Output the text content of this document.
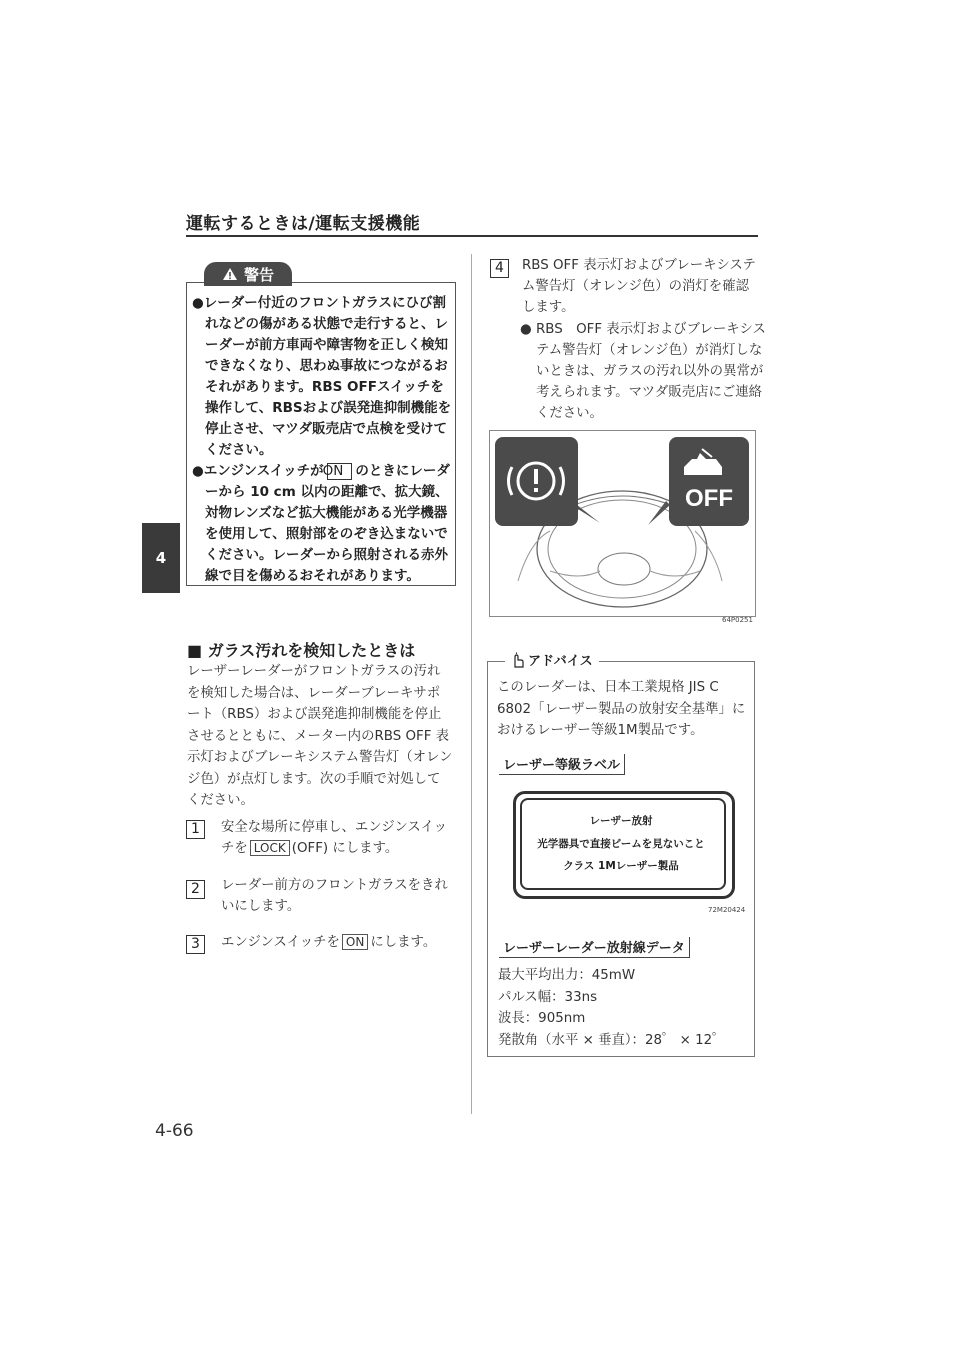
運転するときは/運転支援機能
4
警告

●レーダー付近のフロントガラスにひび割れなどの傷がある状態で走行すると、レーダーが前方車両や障害物を正しく検知できなくなり、思わぬ事故につながるおそれがあります。RBS OFFスイッチを操作して、RBSおよび誤発進抑制機能を停止させ、マツダ販売店で点検を受けてください。

●エンジンスイッチがON のときにレーダーから 10 cm 以内の距離で、拡大鏡、対物レンズなど拡大機能がある光学機器を使用して、照射部をのぞき込まないでください。レーダーから照射される赤外線で目を傷めるおそれがあります。

■ ガラス汚れを検知したときは
レーザーレーダーがフロントガラスの汚れを検知した場合は、レーダーブレーキサポート（RBS）および誤発進抑制機能を停止させるとともに、メーター内のRBS OFF 表示灯およびブレーキシステム警告灯（オレンジ色）が点灯します。次の手順で対処してください。
1	安全な場所に停車し、エンジンスイッチを LOCK (OFF) にします。
2	レーダー前方のフロントガラスをきれいにします。
3	エンジンスイッチを ON にします。
4	RBS OFF 表示灯およびブレーキシステム警告灯（オレンジ色）の消灯を確認します。
● RBS　OFF 表示灯およびブレーキシステム警告灯（オレンジ色）が消灯しないときは、ガラスの汚れ以外の異常が考えられます。マツダ販売店にご連絡ください。
OFF
64P0251
アドバイス
このレーダーは、日本工業規格 JIS C 6802「レーザー製品の放射安全基準」におけるレーザー等級1M製品です。
レーザー等級ラベル
レーザー放射
光学器具で直接ビームを見ないこと
クラス 1Mレーザー製品
72M20424
レーザーレーダー放射線データ
最大平均出力：45mW
パルス幅：33ns
波長：905nm
発散角（水平 × 垂直）：28゜ × 12゜
4-66
